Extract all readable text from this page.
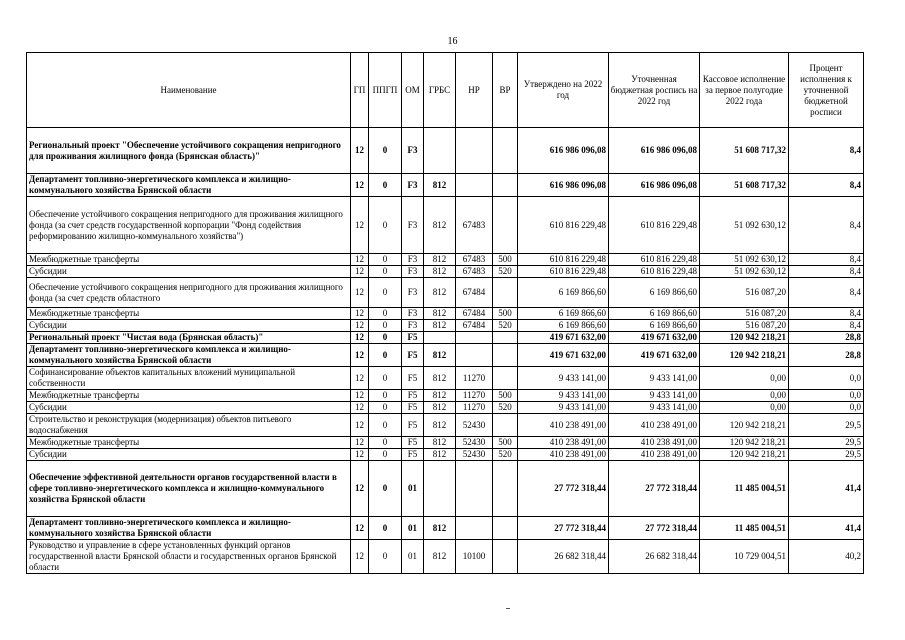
16
Наименование	ГП	ППГП	ОМ	ГРБС	НР	ВР	Утверждено на 2022 год	Уточненная бюджетная роспись на 2022 год	Кассовое исполнение за первое полугодие 2022 года	Процент исполнения к уточненной бюджетной росписи
Региональный проект "Обеспечение устойчивого сокращения непригодного для проживания жилищного фонда (Брянская область)"	12	0	F3				616 986 096,08	616 986 096,08	51 608 717,32	8,4
Департамент топливно-энергетического комплекса и жилищно-коммунального хозяйства Брянской области	12	0	F3	812			616 986 096,08	616 986 096,08	51 608 717,32	8,4
Обеспечение устойчивого сокращения непригодного для проживания жилищного фонда (за счет средств государственной корпорации "Фонд содействия реформированию жилищно-коммунального хозяйства")	12	0	F3	812	67483		610 816 229,48	610 816 229,48	51 092 630,12	8,4
Межбюджетные трансферты	12	0	F3	812	67483	500	610 816 229,48	610 816 229,48	51 092 630,12	8,4
Субсидии	12	0	F3	812	67483	520	610 816 229,48	610 816 229,48	51 092 630,12	8,4
Обеспечение устойчивого сокращения непригодного для проживания жилищного фонда (за счет средств областного	12	0	F3	812	67484		6 169 866,60	6 169 866,60	516 087,20	8,4
Межбюджетные трансферты	12	0	F3	812	67484	500	6 169 866,60	6 169 866,60	516 087,20	8,4
Субсидии	12	0	F3	812	67484	520	6 169 866,60	6 169 866,60	516 087,20	8,4
Региональный проект "Чистая вода (Брянская область)"	12	0	F5				419 671 632,00	419 671 632,00	120 942 218,21	28,8
Департамент топливно-энергетического комплекса и жилищно-коммунального хозяйства Брянской области	12	0	F5	812			419 671 632,00	419 671 632,00	120 942 218,21	28,8
Софинансирование объектов капитальных вложений муниципальной собственности	12	0	F5	812	11270		9 433 141,00	9 433 141,00	0,00	0,0
Межбюджетные трансферты	12	0	F5	812	11270	500	9 433 141,00	9 433 141,00	0,00	0,0
Субсидии	12	0	F5	812	11270	520	9 433 141,00	9 433 141,00	0,00	0,0
Строительство и реконструкция (модернизация) объектов питьевого водоснабжения	12	0	F5	812	52430		410 238 491,00	410 238 491,00	120 942 218,21	29,5
Межбюджетные трансферты	12	0	F5	812	52430	500	410 238 491,00	410 238 491,00	120 942 218,21	29,5
Субсидии	12	0	F5	812	52430	520	410 238 491,00	410 238 491,00	120 942 218,21	29,5
Обеспечение эффективной деятельности органов государственной власти в сфере топливно-энергетического комплекса и жилищно-коммунального хозяйства Брянской области	12	0	01				27 772 318,44	27 772 318,44	11 485 004,51	41,4
Департамент топливно-энергетического комплекса и жилищно-коммунального хозяйства Брянской области	12	0	01	812			27 772 318,44	27 772 318,44	11 485 004,51	41,4
Руководство и управление в сфере установленных функций органов государственной власти Брянской области и государственных органов Брянской области	12	0	01	812	10100		26 682 318,44	26 682 318,44	10 729 004,51	40,2
